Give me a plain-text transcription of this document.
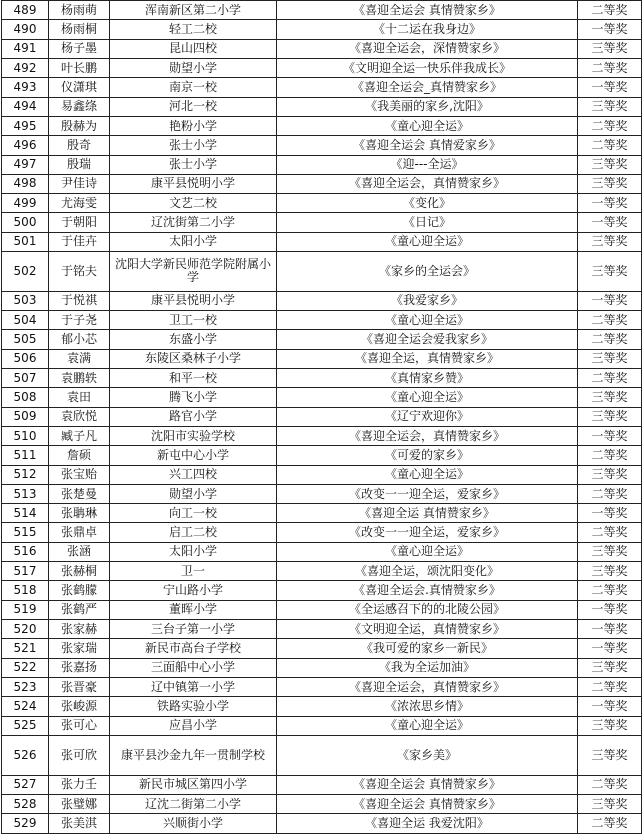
489	杨雨萌	浑南新区第二小学	《喜迎全运会 真情赞家乡》	二等奖
490	杨雨桐	轻工二校	《十二运在我身边》	一等奖
491	杨子墨	昆山四校	《喜迎全运会，深情赞家乡》	三等奖
492	叶长鹏	勋望小学	《文明迎全运一快乐伴我成长》	二等奖
493	仪潇琪	南京一校	《喜迎全运会_真情赞家乡》	一等奖
494	易鑫绦	河北一校	《我美丽的家乡,沈阳》	三等奖
495	殷赫为	艳粉小学	《童心迎全运》	二等奖
496	殷奇	张士小学	《喜迎全运会 真情爱家乡》	二等奖
497	殷瑞	张士小学	《迎---全运》	三等奖
498	尹佳诗	康平县悦明小学	《喜迎全运会，真情赞家乡》	三等奖
499	尤海雯	文艺二校	《变化》	一等奖
500	于朝阳	辽沈街第二小学	《日记》	一等奖
501	于佳卉	太阳小学	《童心迎全运》	三等奖
502	于铭夫	沈阳大学新民师范学院附属小学	《家乡的全运会》	三等奖
503	于悦祺	康平县悦明小学	《我爱家乡》	一等奖
504	于子尧	卫工一校	《童心迎全运》	二等奖
505	郁小芯	东盛小学	《喜迎全运会爱我家乡》	二等奖
506	袁满	东陵区桑林子小学	《喜迎全运，真情赞家乡》	三等奖
507	袁鹏轶	和平一校	《真情家乡赞》	二等奖
508	袁田	腾飞小学	《童心迎全运》	三等奖
509	袁欣悦	路官小学	《辽宁欢迎你》	三等奖
510	臧子凡	沈阳市实验学校	《喜迎全运会，真情赞家乡》	一等奖
511	詹硕	新屯中心小学	《可爱的家乡》	二等奖
512	张宝贻	兴工四校	《童心迎全运》	三等奖
513	张楚曼	勋望小学	《改变一一迎全运，爱家乡》	二等奖
514	张聃琳	向工一校	《喜迎全运 真情赞家乡》	一等奖
515	张鼎卓	启工二校	《改变一一迎全运，爱家乡》	二等奖
516	张涵	太阳小学	《童心迎全运》	三等奖
517	张赫桐	卫一	《喜迎全运，颂沈阳变化》	三等奖
518	张鹤朦	宁山路小学	《喜迎全运会.真情赞家乡》	二等奖
519	张鹤严	董晖小学	《全运感召下的的北陵公园》	一等奖
520	张家赫	三台子第一小学	《文明迎全运，真情赞家乡》	一等奖
521	张家瑞	新民市高台子学校	《我可爱的家乡一新民》	一等奖
522	张嘉扬	三面船中心小学	《我为全运加油》	三等奖
523	张晋豪	辽中镇第一小学	《喜迎全运会，真情赞家乡》	二等奖
524	张峻源	铁路实验小学	《浓浓思乡情》	一等奖
525	张可心	应昌小学	《童心迎全运》	三等奖
526	张可欣	康平县沙金九年一贯制学校	《家乡美》	三等奖
527	张力壬	新民市城区第四小学	《喜迎全运会 真情赞家乡》	二等奖
528	张璧娜	辽沈二街第二小学	《喜迎全运会 真情赞家乡》	三等奖
529	张美淇	兴顺街小学	《喜迎全运 我爱沈阳》	二等奖
